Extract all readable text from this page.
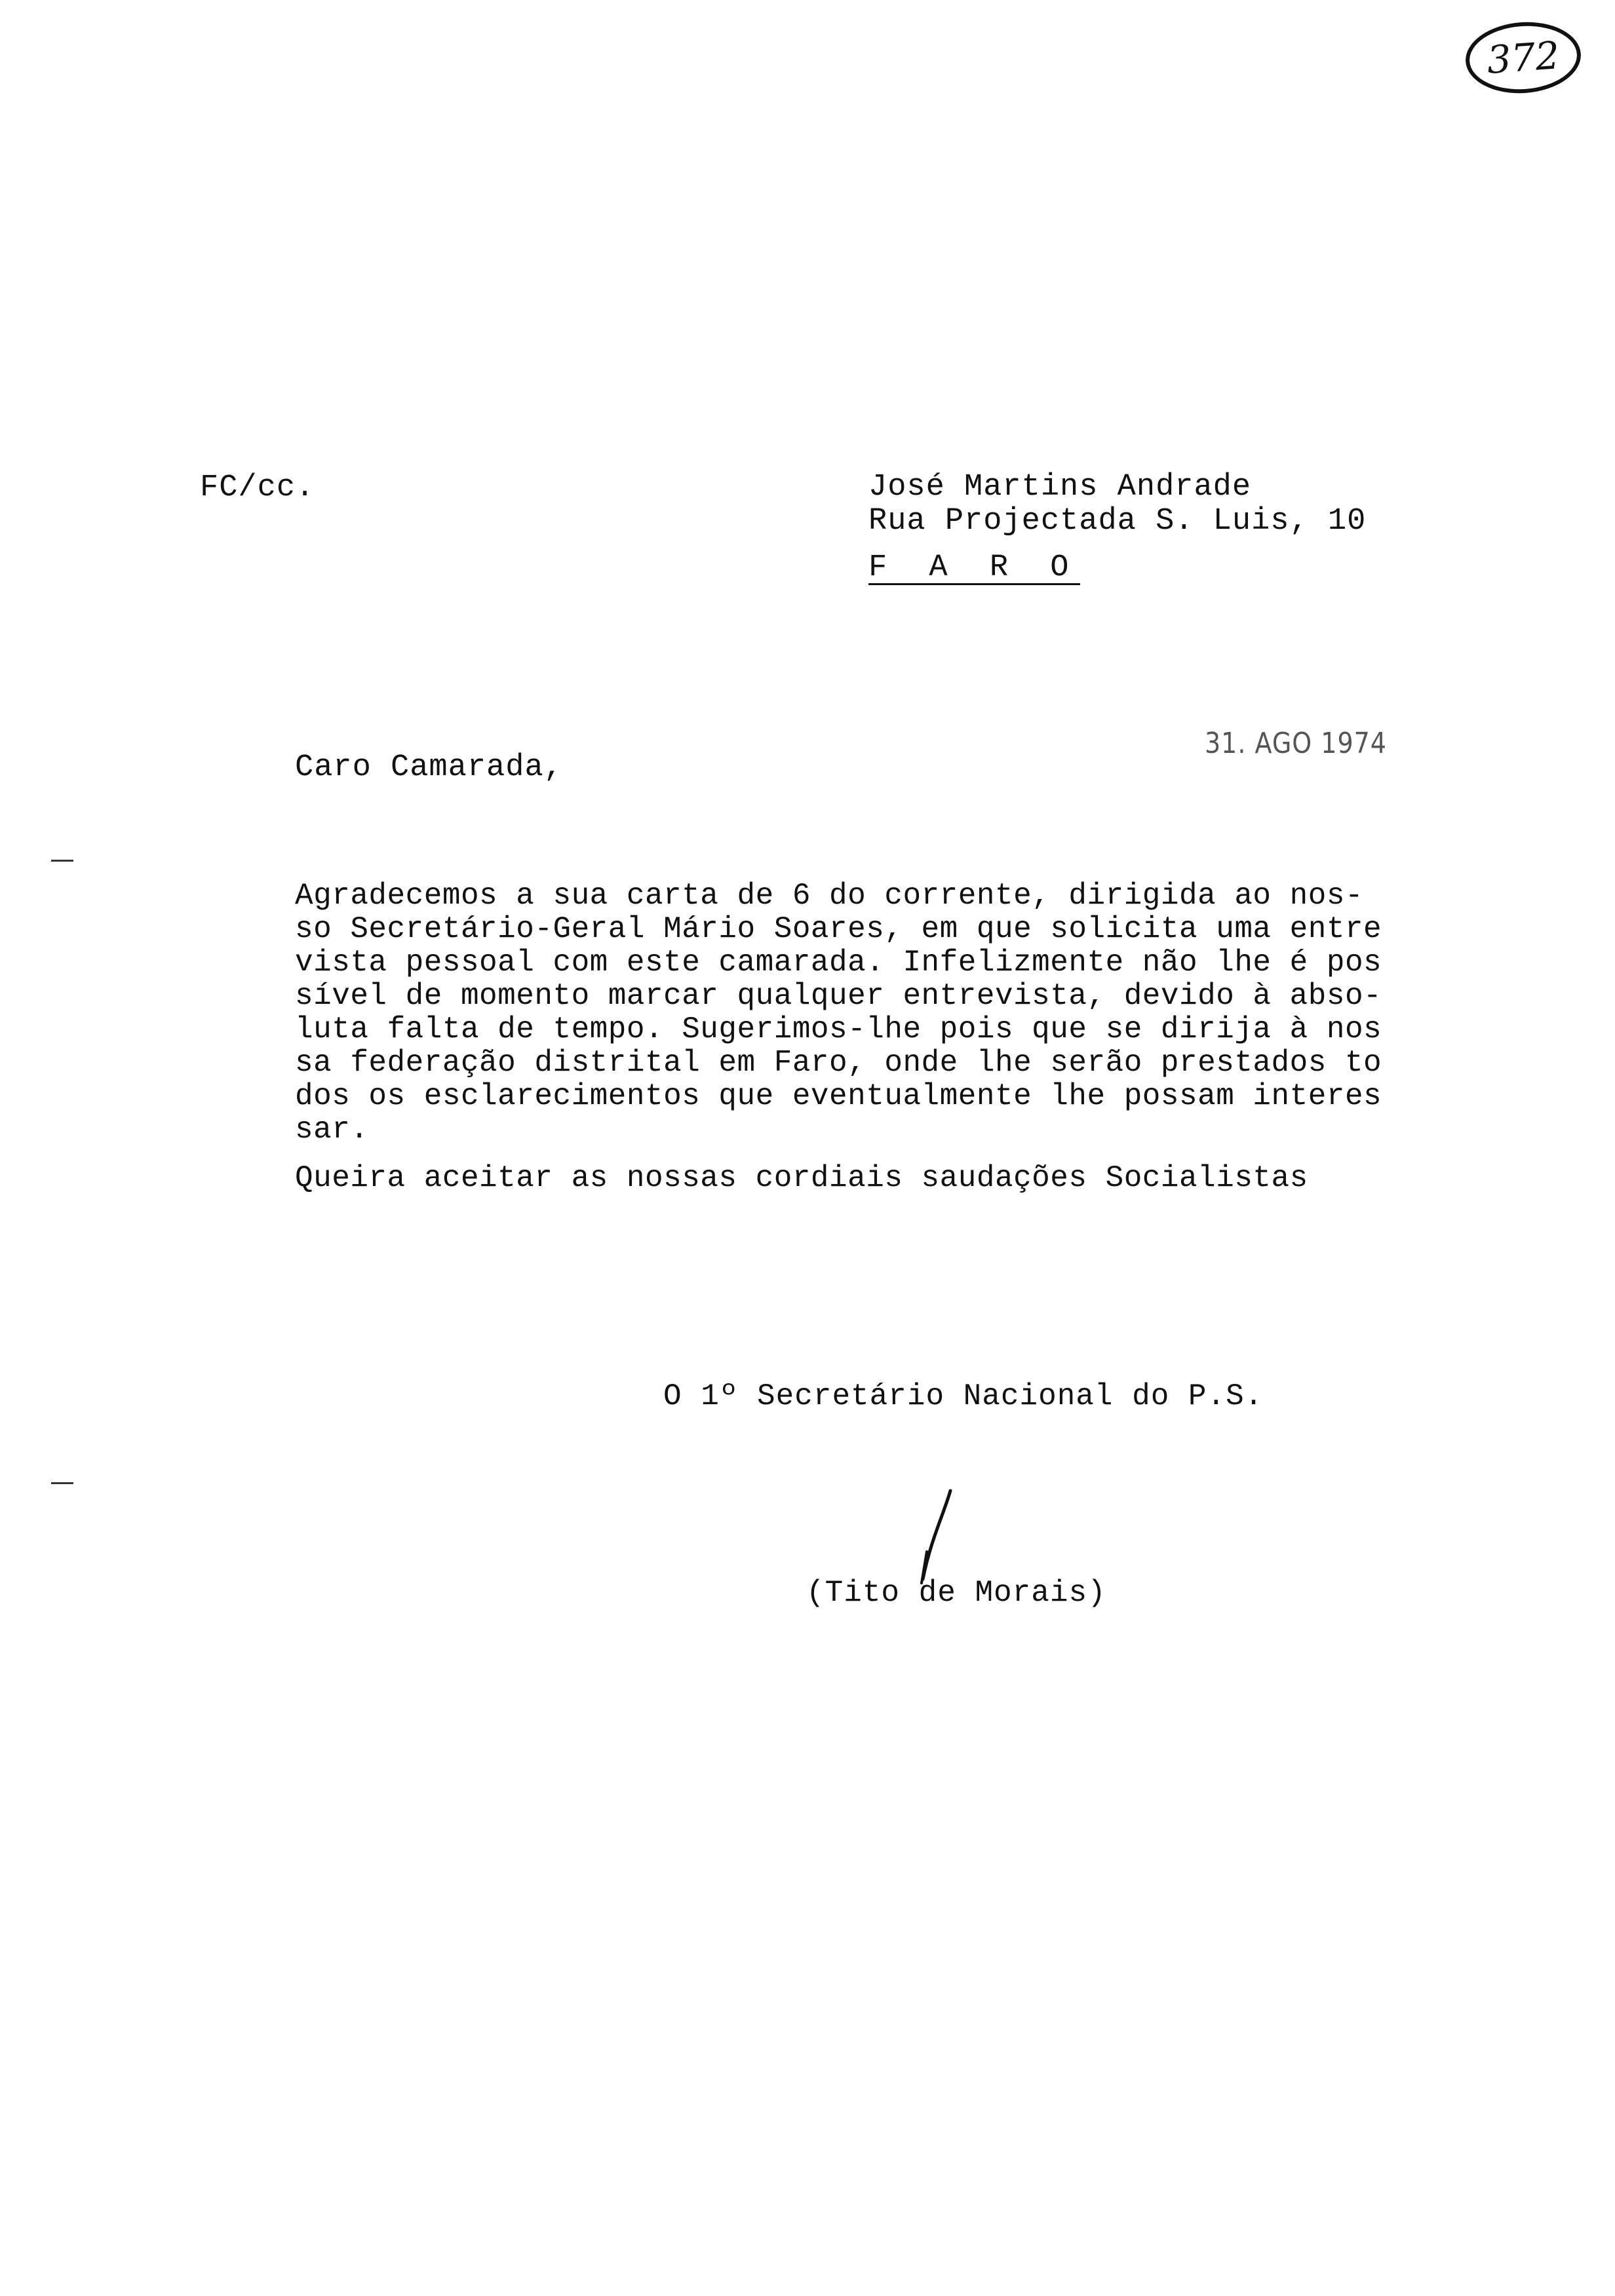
372
FC/cc.	José Martins Andrade
Rua Projectada S. Luis, 10
F A R O
31. AGO 1974
Caro Camarada,
Agradecemos a sua carta de 6 do corrente, dirigida ao nos-
so Secretário-Geral Mário Soares, em que solicita uma entre
vista pessoal com este camarada. Infelizmente não lhe é pos
sível de momento marcar qualquer entrevista, devido à abso-
luta falta de tempo. Sugerimos-lhe pois que se dirija à nos
sa federação distrital em Faro, onde lhe serão prestados to
dos os esclarecimentos que eventualmente lhe possam interes
sar.
Queira aceitar as nossas cordiais saudações Socialistas
O 1º Secretário Nacional do P.S.
(Tito de Morais)
